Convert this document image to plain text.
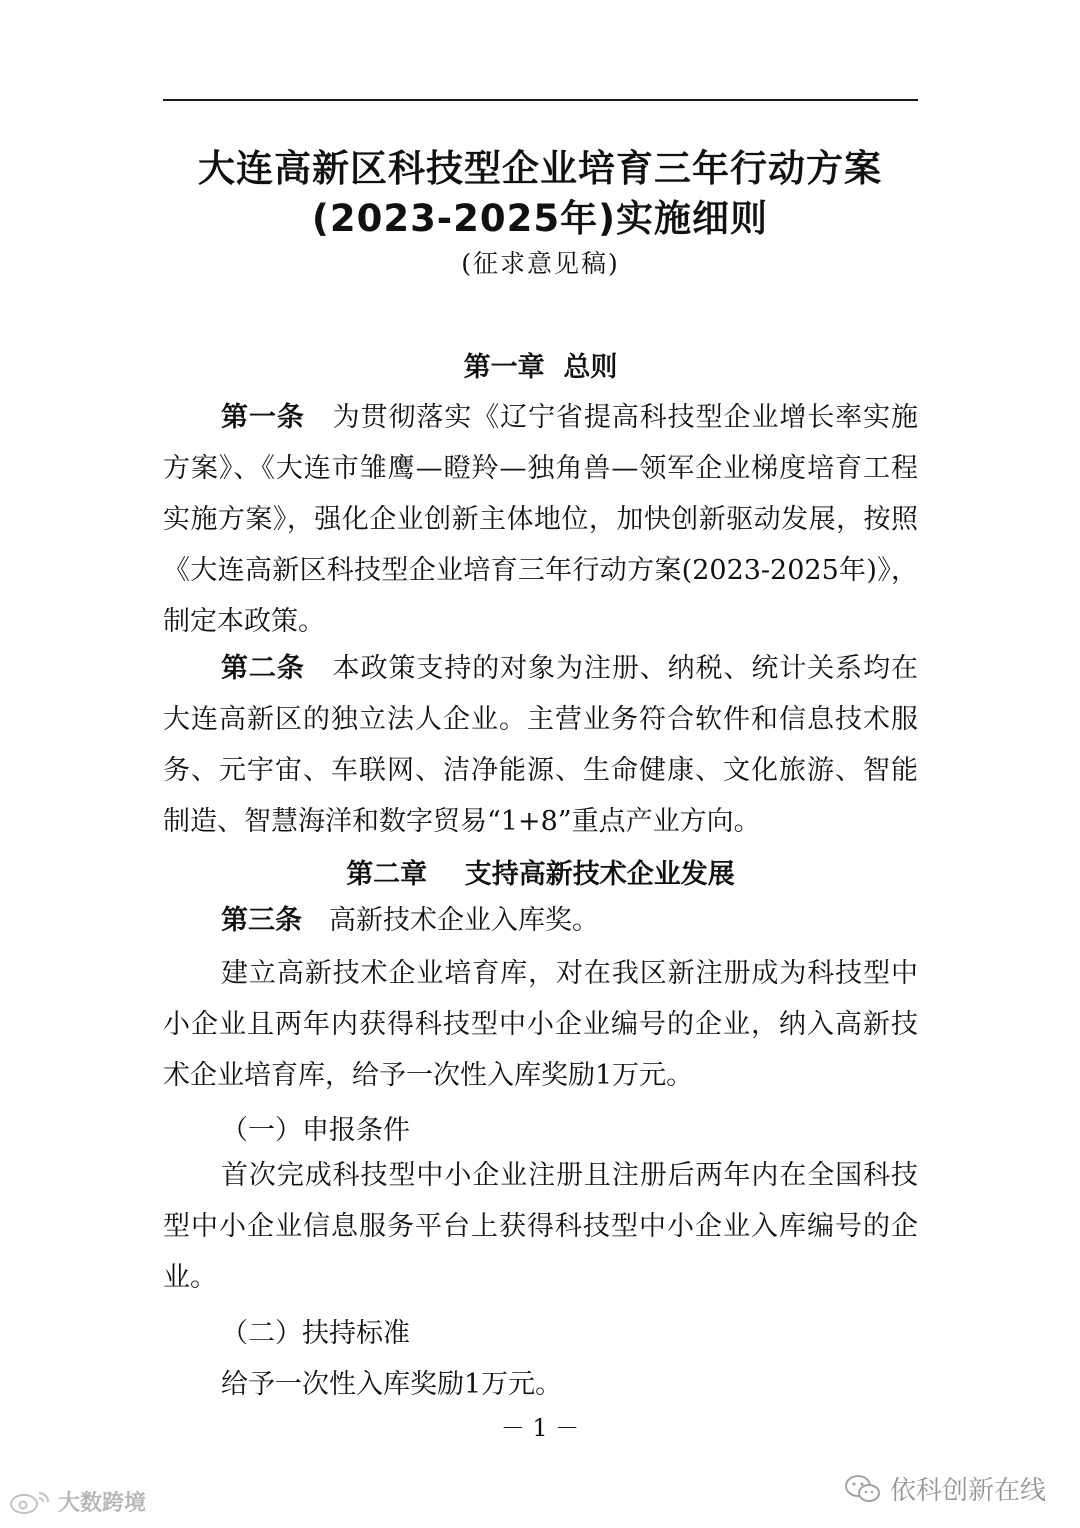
大连高新区科技型企业培育三年行动方案
(2023-2025年)实施细则
(征求意见稿)
第一章  总则

第一条　 为贯彻落实《辽宁省提高科技型企业增长率实施方案》、《大连市雏鹰—瞪羚—独角兽—领军企业梯度培育工程实施方案》，强化企业创新主体地位，加快创新驱动发展，按照《大连高新区科技型企业培育三年行动方案(2023-2025年)》，制定本政策。

第二条　 本政策支持的对象为注册、纳税、统计关系均在大连高新区的独立法人企业。主营业务符合软件和信息技术服务、元宇宙、车联网、洁净能源、生命健康、文化旅游、智能制造、智慧海洋和数字贸易“1+8”重点产业方向。

第二章    支持高新技术企业发展

第三条　 高新技术企业入库奖。

建立高新技术企业培育库，对在我区新注册成为科技型中小企业且两年内获得科技型中小企业编号的企业，纳入高新技术企业培育库，给予一次性入库奖励1万元。

（一）申报条件

首次完成科技型中小企业注册且注册后两年内在全国科技型中小企业信息服务平台上获得科技型中小企业入库编号的企业。

（二）扶持标准
给予一次性入库奖励1万元。
－ 1 －
依科创新在线
大数跨境
